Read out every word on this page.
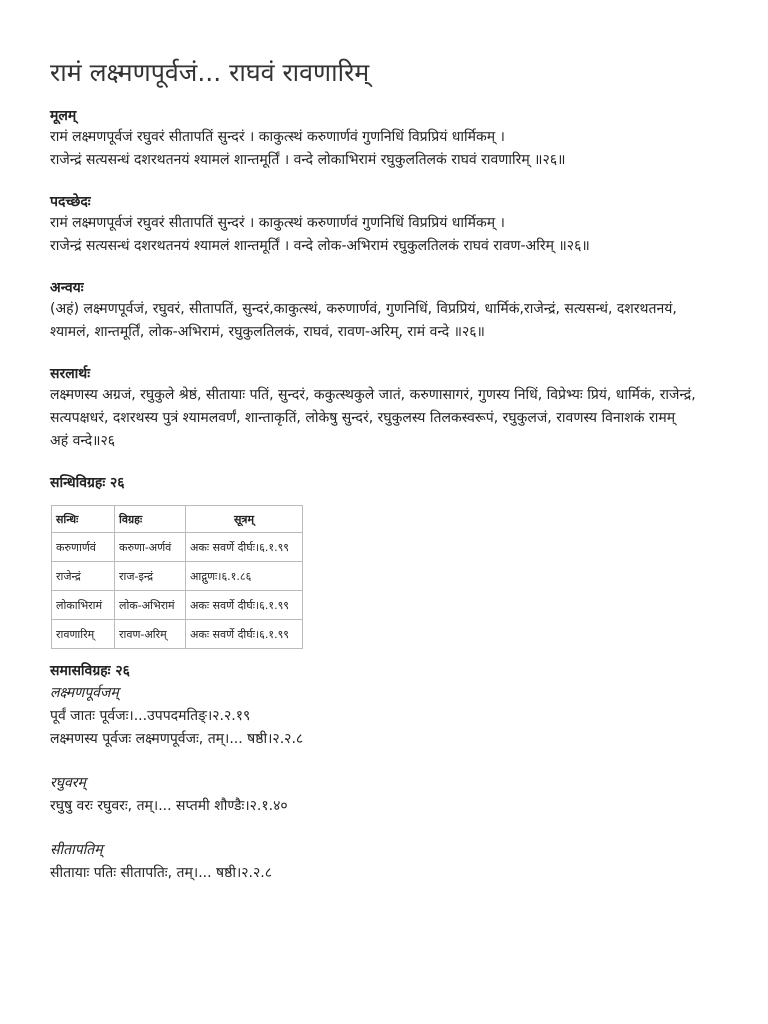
रामं लक्ष्मणपूर्वजं... राघवं रावणारिम्
मूलम्
रामं लक्ष्मणपूर्वजं रघुवरं सीतापतिं सुन्दरं । काकुत्स्थं करुणार्णवं गुणनिधिं विप्रप्रियं धार्मिकम् ।
राजेन्द्रं सत्यसन्धं दशरथतनयं श्यामलं शान्तमूर्तिं । वन्दे लोकाभिरामं रघुकुलतिलकं राघवं रावणारिम् ॥२६॥
पदच्छेदः
रामं लक्ष्मणपूर्वजं रघुवरं सीतापतिं सुन्दरं । काकुत्स्थं करुणार्णवं गुणनिधिं विप्रप्रियं धार्मिकम् ।
राजेन्द्रं सत्यसन्धं दशरथतनयं श्यामलं शान्तमूर्तिं । वन्दे लोक-अभिरामं रघुकुलतिलकं राघवं रावण-अरिम् ॥२६॥
अन्वयः
(अहं) लक्ष्मणपूर्वजं, रघुवरं, सीतापतिं, सुन्दरं,काकुत्स्थं, करुणार्णवं, गुणनिधिं, विप्रप्रियं, धार्मिकं,राजेन्द्रं, सत्यसन्धं, दशरथतनयं,
श्यामलं, शान्तमूर्तिं, लोक-अभिरामं, रघुकुलतिलकं, राघवं, रावण-अरिम्, रामं वन्दे ॥२६॥
सरलार्थः
लक्ष्मणस्य अग्रजं, रघुकुले श्रेष्ठं, सीतायाः पतिं, सुन्दरं, ककुत्स्थकुले जातं, करुणासागरं, गुणस्य निधिं, विप्रेभ्यः प्रियं, धार्मिकं, राजेन्द्रं,
सत्यपक्षधरं, दशरथस्य पुत्रं श्यामलवर्णं, शान्ताकृतिं, लोकेषु सुन्दरं, रघुकुलस्य तिलकस्वरूपं, रघुकुलजं, रावणस्य विनाशकं रामम्
अहं वन्दे॥२६
सन्धिविग्रहः २६
सन्धिः	विग्रहः	सूत्रम्
करुणार्णवं	करुणा-अर्णवं	अकः सवर्णे दीर्घः।६.१.९९
राजेन्द्रं	राज-इन्द्रं	आद्गुणः।६.१.८६
लोकाभिरामं	लोक-अभिरामं	अकः सवर्णे दीर्घः।६.१.९९
रावणारिम्	रावण-अरिम्	अकः सवर्णे दीर्घः।६.१.९९
समासविग्रहः २६
लक्ष्मणपूर्वजम्
पूर्वं जातः पूर्वजः।...उपपदमतिङ्।२.२.१९
लक्ष्मणस्य पूर्वजः लक्ष्मणपूर्वजः, तम्।... षष्ठी।२.२.८
रघुवरम्
रघुषु वरः रघुवरः, तम्।... सप्तमी शौण्डैः।२.१.४०
सीतापतिम्
सीतायाः पतिः सीतापतिः, तम्।... षष्ठी।२.२.८
